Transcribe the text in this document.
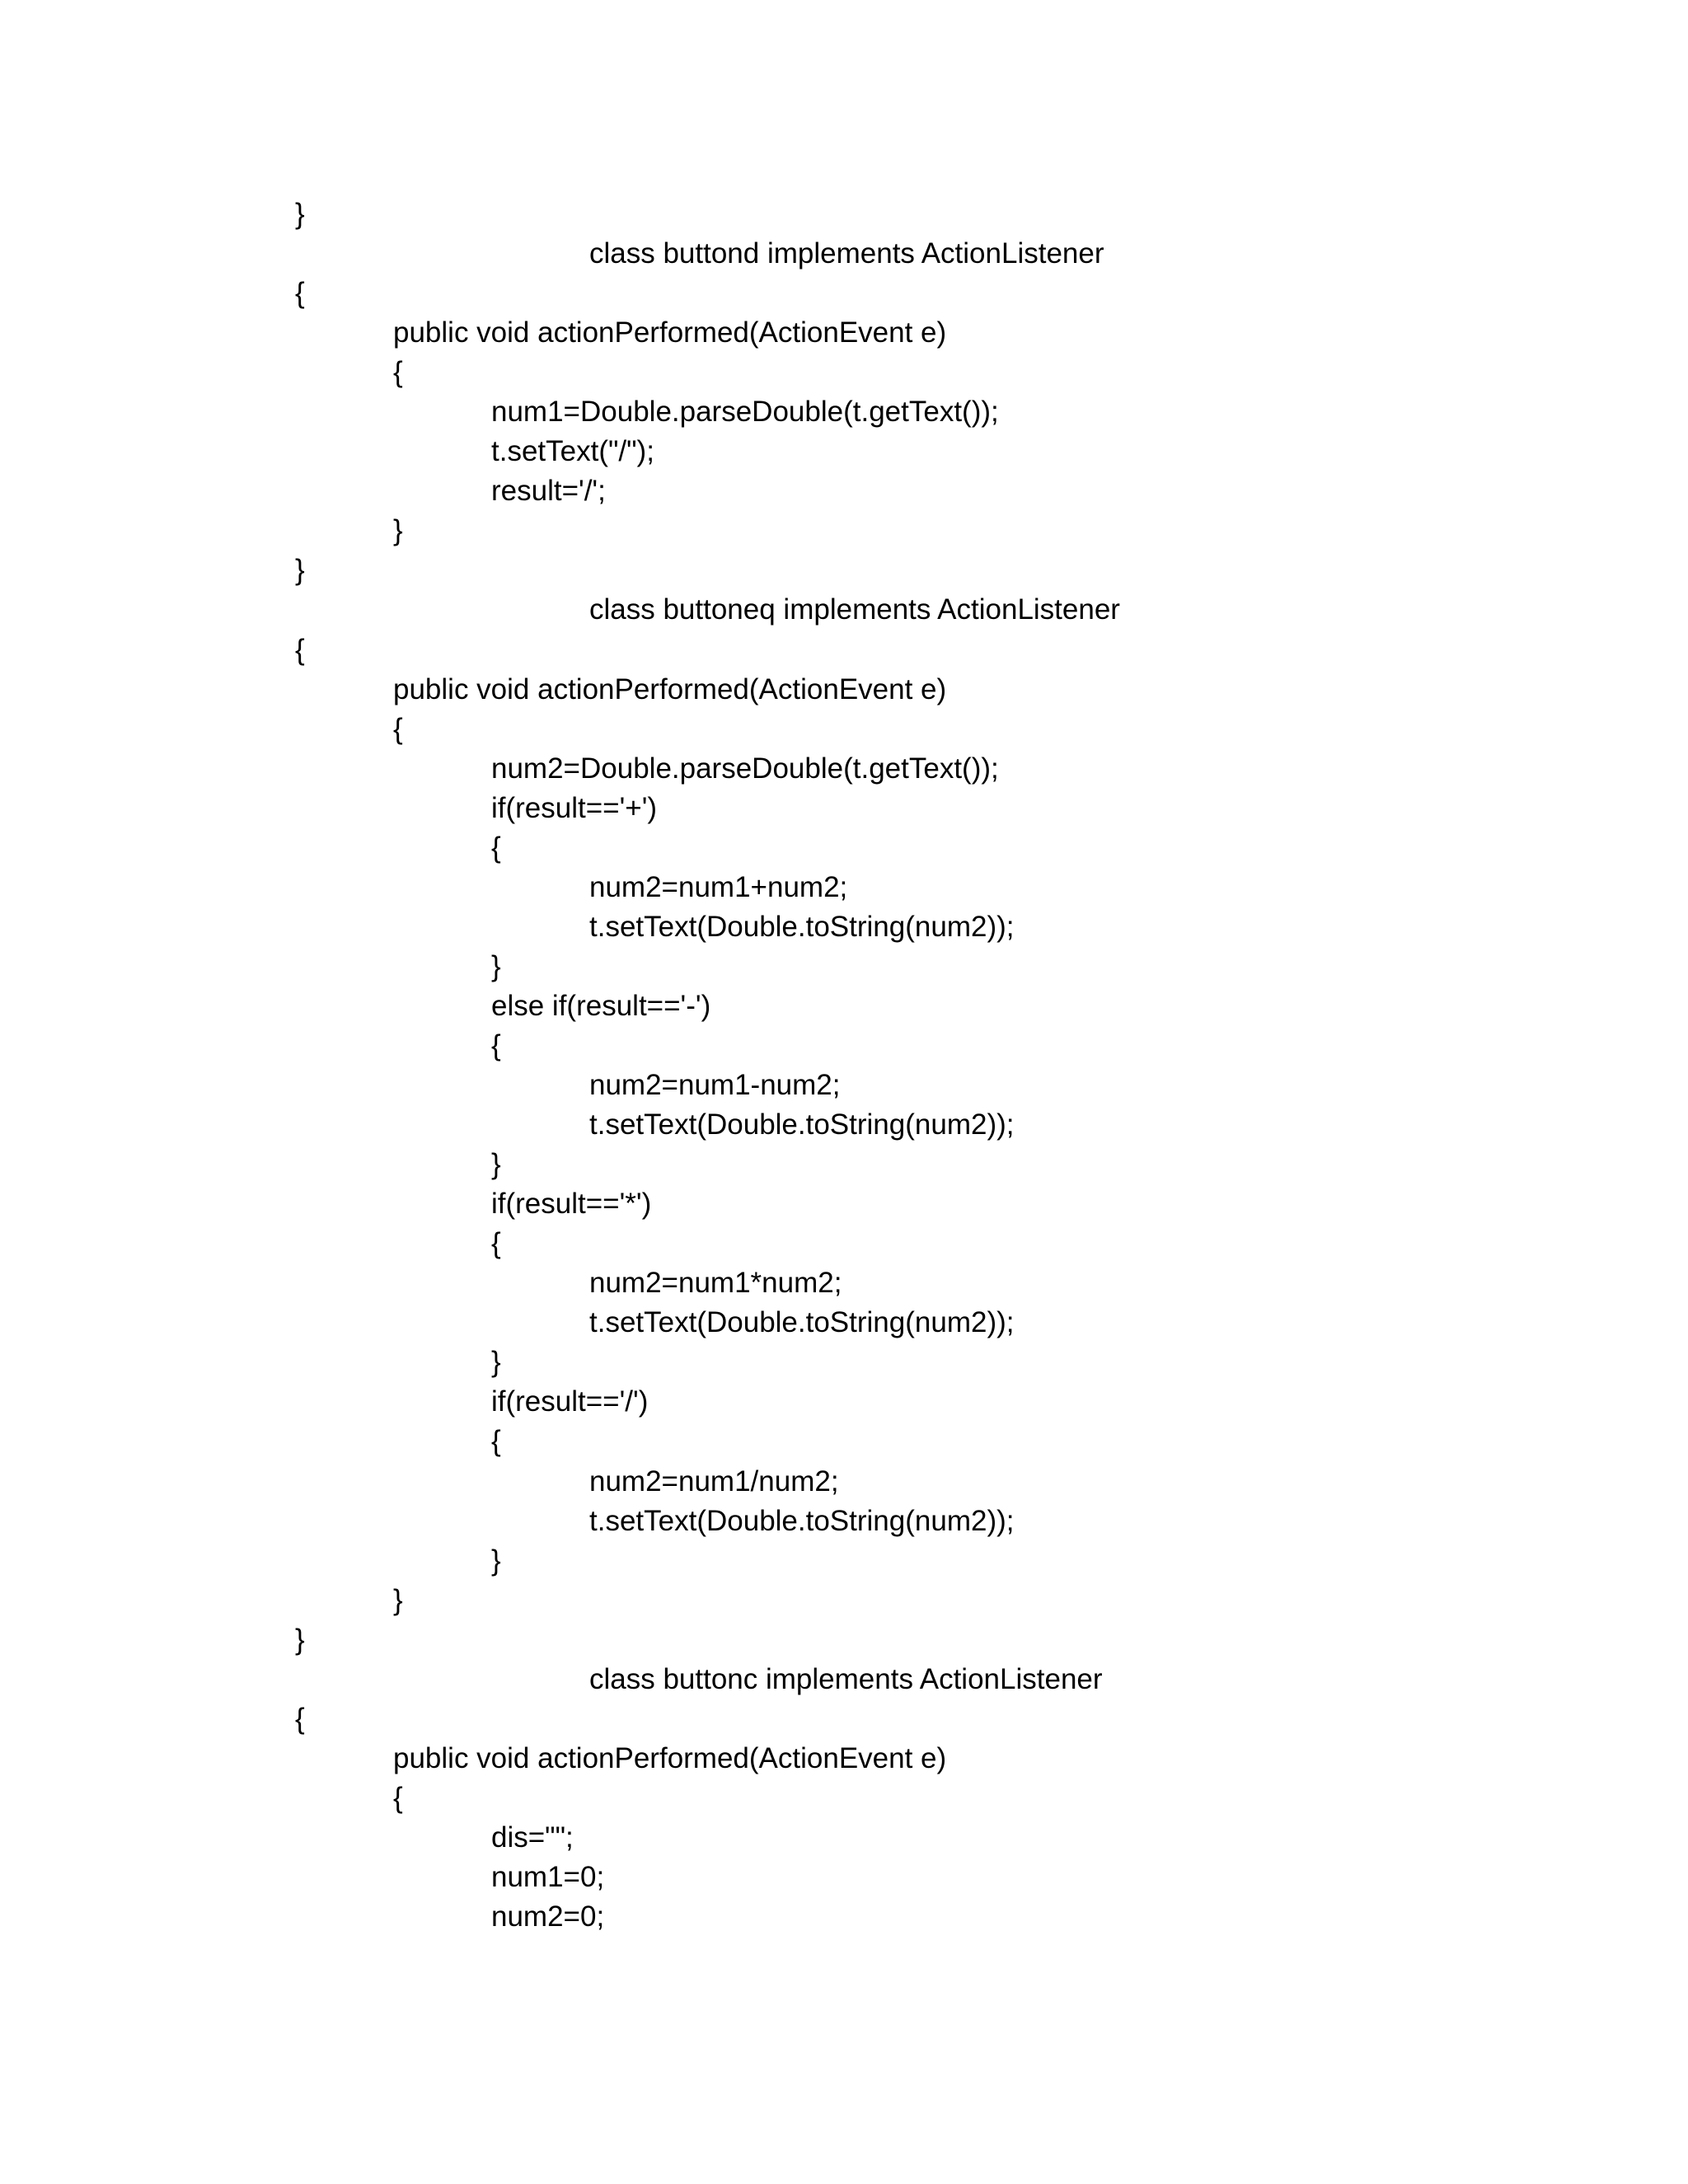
}
class buttond implements ActionListener
{
public void actionPerformed(ActionEvent e)
{
num1=Double.parseDouble(t.getText());
t.setText("/");
result='/';
}
}
class buttoneq implements ActionListener
{
public void actionPerformed(ActionEvent e)
{
num2=Double.parseDouble(t.getText());
if(result=='+')
{
num2=num1+num2;
t.setText(Double.toString(num2));
}
else if(result=='-')
{
num2=num1-num2;
t.setText(Double.toString(num2));
}
if(result=='*')
{
num2=num1*num2;
t.setText(Double.toString(num2));
}
if(result=='/')
{
num2=num1/num2;
t.setText(Double.toString(num2));
}
}
}
class buttonc implements ActionListener
{
public void actionPerformed(ActionEvent e)
{
dis="";
num1=0;
num2=0;
